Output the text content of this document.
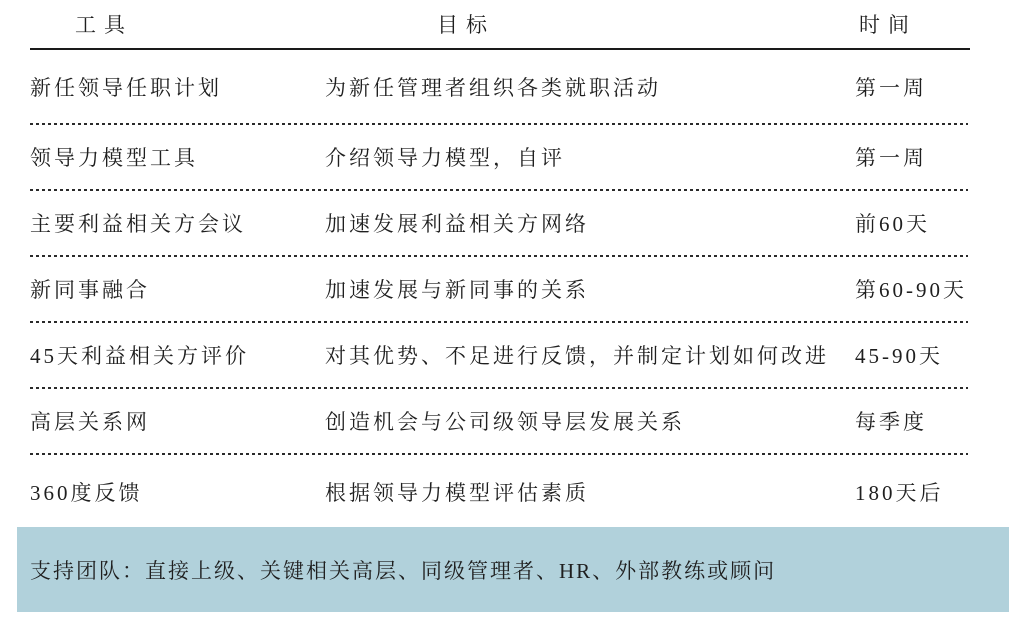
工具	目标	时间
新任领导任职计划	为新任管理者组织各类就职活动	第一周
领导力模型工具	介绍领导力模型，自评	第一周
主要利益相关方会议	加速发展利益相关方网络	前60天
新同事融合	加速发展与新同事的关系	第60-90天
45天利益相关方评价	对其优势、不足进行反馈，并制定计划如何改进	45-90天
高层关系网	创造机会与公司级领导层发展关系	每季度
360度反馈	根据领导力模型评估素质	180天后
支持团队：直接上级、关键相关高层、同级管理者、HR、外部教练或顾问
